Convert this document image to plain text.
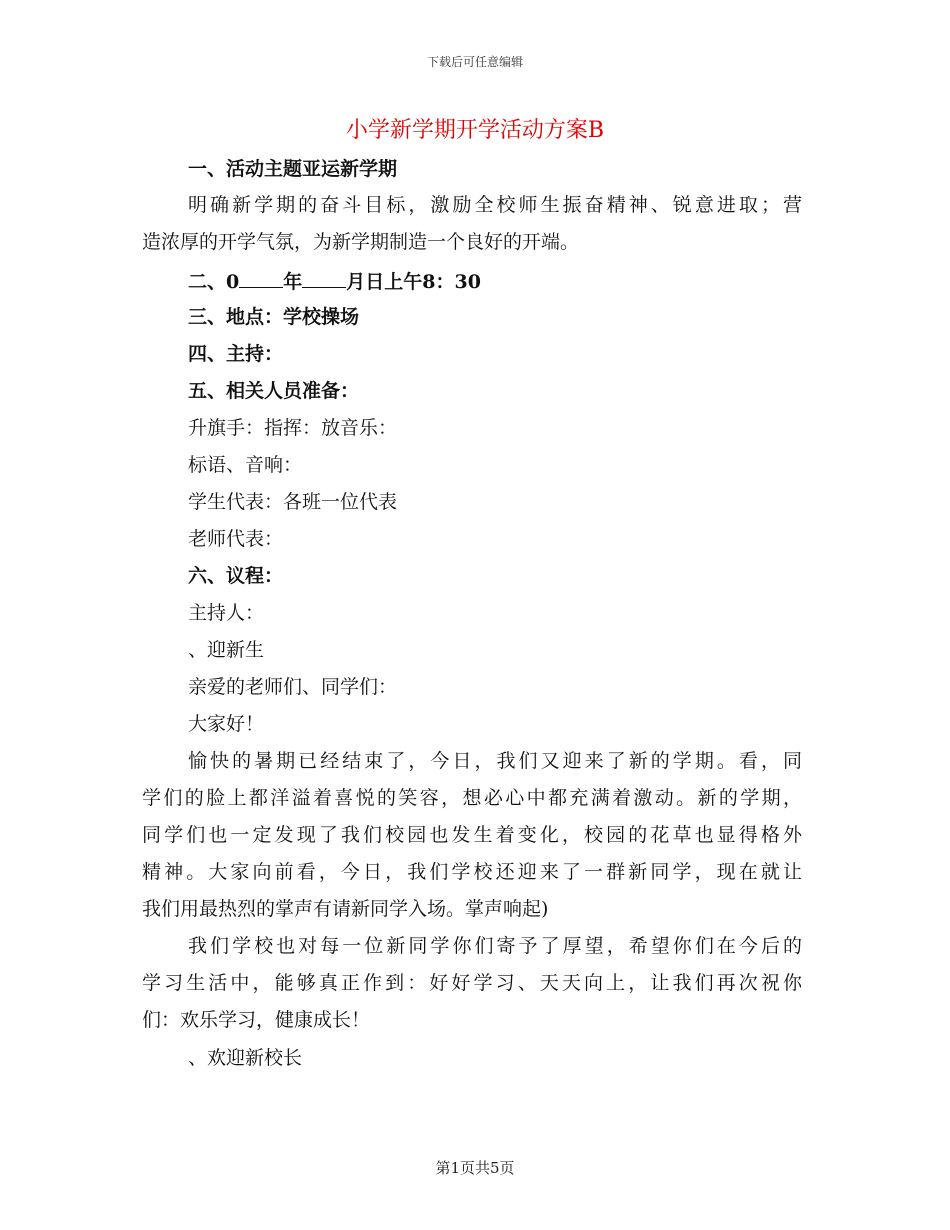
下载后可任意编辑
小学新学期开学活动方案B
一、活动主题亚运新学期
明确新学期的奋斗目标，激励全校师生振奋精神、锐意进取；营
造浓厚的开学气氛，为新学期制造一个良好的开端。
二、0 年 月日上午8：30
三、地点：学校操场
四、主持：
五、相关人员准备：
升旗手：指挥：放音乐：
标语、音响：
学生代表：各班一位代表
老师代表：
六、议程：
主持人：
、迎新生
亲爱的老师们、同学们：
大家好！
愉快的暑期已经结束了，今日，我们又迎来了新的学期。看，同
学们的脸上都洋溢着喜悦的笑容，想必心中都充满着激动。新的学期，
同学们也一定发现了我们校园也发生着变化，校园的花草也显得格外
精神。大家向前看，今日，我们学校还迎来了一群新同学，现在就让
我们用最热烈的掌声有请新同学入场。掌声响起)
我们学校也对每一位新同学你们寄予了厚望，希望你们在今后的
学习生活中，能够真正作到：好好学习、天天向上，让我们再次祝你
们：欢乐学习，健康成长！
、欢迎新校长
第1页共5页
